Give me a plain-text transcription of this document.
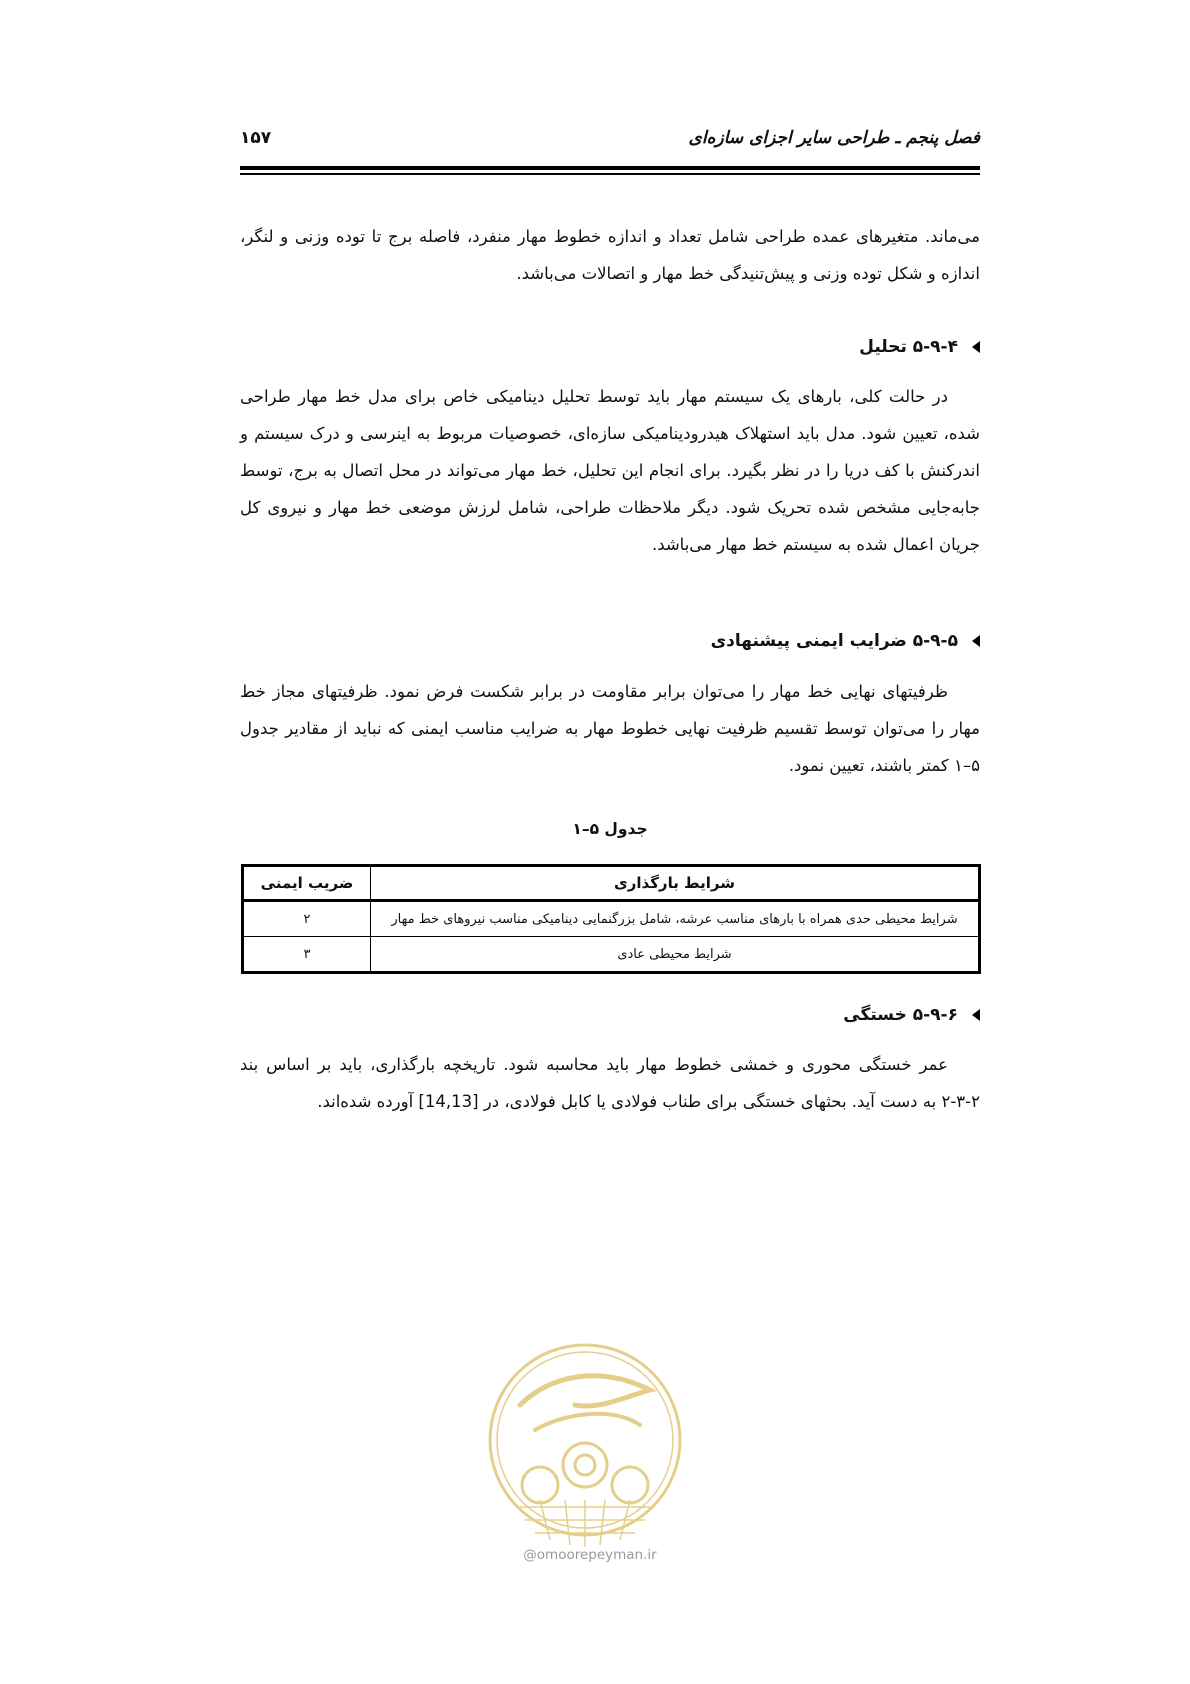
فصل پنجم ـ طراحی سایر اجزای سازه‌ای
۱۵۷

می‌ماند. متغیرهای عمده طراحی شامل تعداد و اندازه خطوط مهار منفرد، فاصله برج تا توده وزنی و لنگر، اندازه و شکل توده وزنی و پیش‌تنیدگی خط مهار و اتصالات می‌باشد.

۵-۹-۴ تحلیل

در حالت کلی، بارهای یک سیستم مهار باید توسط تحلیل دینامیکی خاص برای مدل خط مهار طراحی شده، تعیین شود. مدل باید استهلاک هیدرودینامیکی سازه‌ای، خصوصیات مربوط به اینرسی و درک سیستم و اندرکنش با کف دریا را در نظر بگیرد. برای انجام این تحلیل، خط مهار می‌تواند در محل اتصال به برج، توسط جابه‌جایی مشخص شده تحریک شود. دیگر ملاحظات طراحی، شامل لرزش موضعی خط مهار و نیروی کل جریان اعمال شده به سیستم خط مهار می‌باشد.

۵-۹-۵ ضرایب ایمنی پیشنهادی

ظرفیتهای نهایی خط مهار را می‌توان برابر مقاومت در برابر شکست فرض نمود. ظرفیتهای مجاز خط مهار را می‌توان توسط تقسیم ظرفیت نهایی خطوط مهار به ضرایب مناسب ایمنی که نباید از مقادیر جدول ۵–۱ کمتر باشند، تعیین نمود.

جدول ۵–۱
شرایط بارگذاری	ضریب ایمنی
شرایط محیطی حدی همراه با بارهای مناسب عرشه، شامل بزرگنمایی دینامیکی مناسب نیروهای خط مهار	۲
شرایط محیطی عادی	۳
۵-۹-۶ خستگی

عمر خستگی محوری و خمشی خطوط مهار باید محاسبه شود. تاریخچه بارگذاری، باید بر اساس بند ۲-۳-۲ به دست آید. بحثهای خستگی برای طناب فولادی یا کابل فولادی، در [14,13] آورده شده‌اند.

@omoorepeyman.ir
